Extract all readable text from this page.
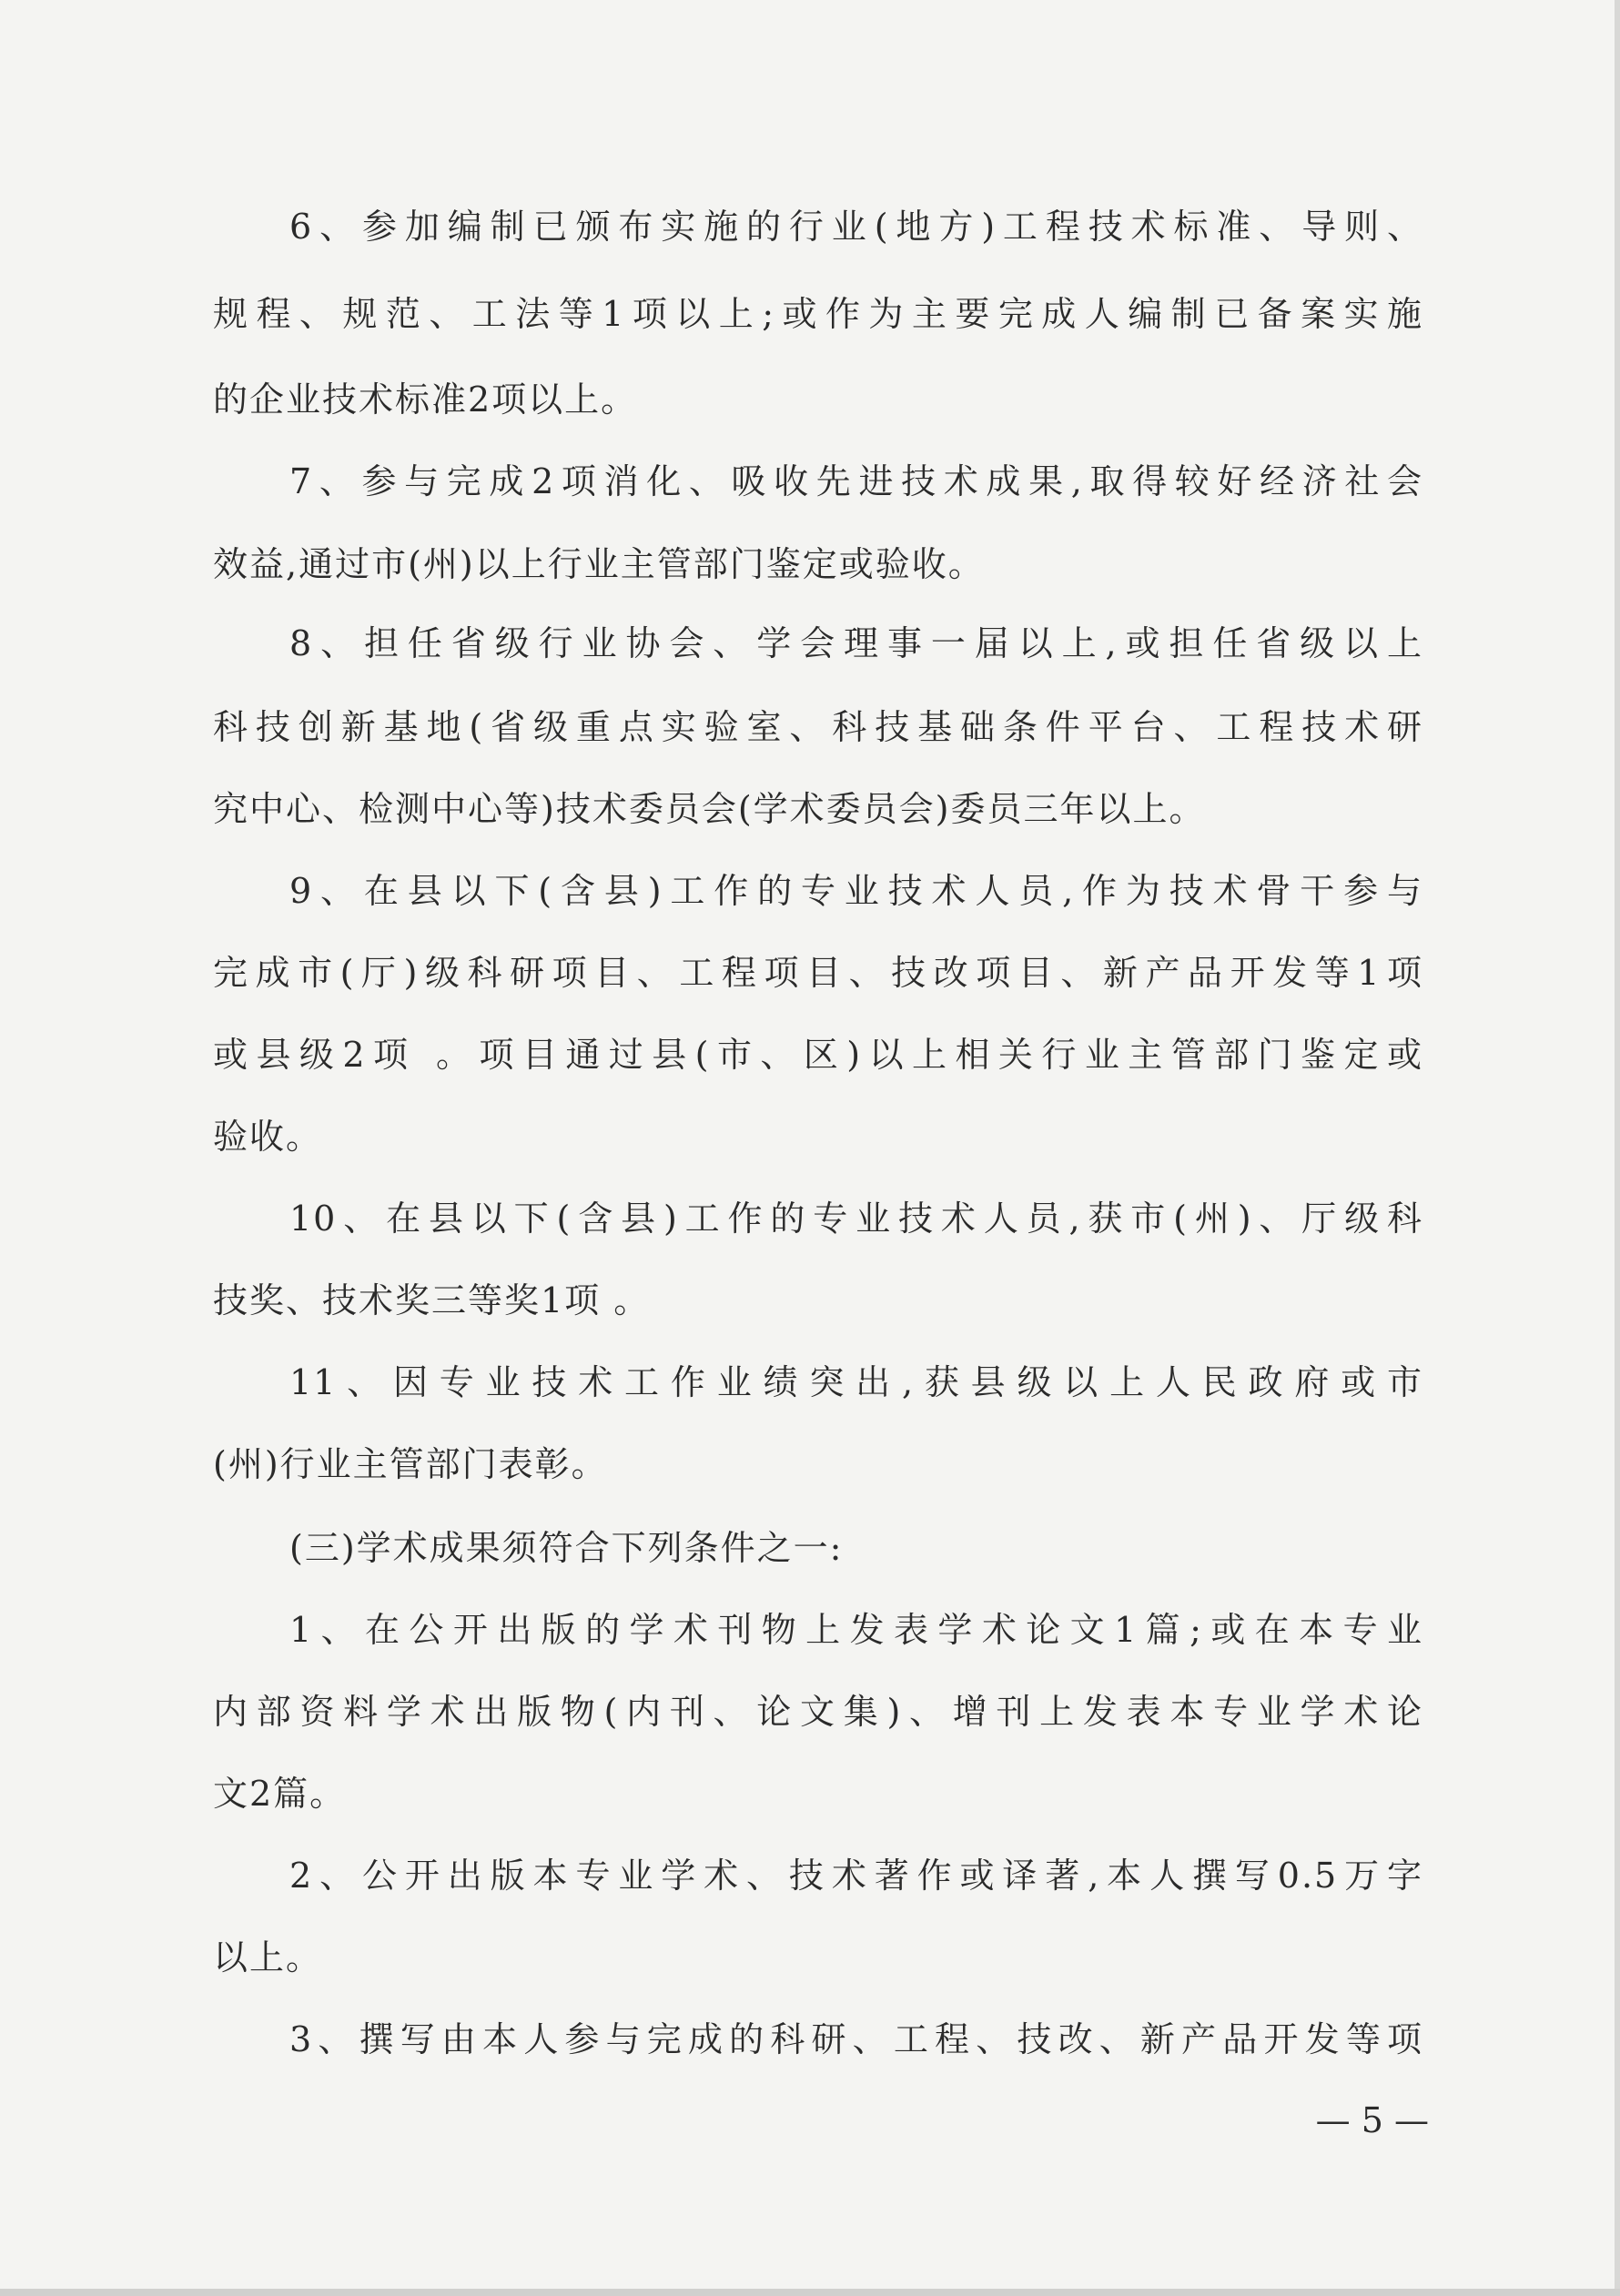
6、参加编制已颁布实施的行业(地方)工程技术标准、导则、
规程、规范、工法等1项以上;或作为主要完成人编制已备案实施
的企业技术标准2项以上。
7、参与完成2项消化、吸收先进技术成果,取得较好经济社会
效益,通过市(州)以上行业主管部门鉴定或验收。
8、担任省级行业协会、学会理事一届以上,或担任省级以上
科技创新基地(省级重点实验室、科技基础条件平台、工程技术研
究中心、检测中心等)技术委员会(学术委员会)委员三年以上。
9、在县以下(含县)工作的专业技术人员,作为技术骨干参与
完成市(厅)级科研项目、工程项目、技改项目、新产品开发等1项
或县级2项 。项目通过县(市、区)以上相关行业主管部门鉴定或
验收。
10、在县以下(含县)工作的专业技术人员,获市(州)、厅级科
技奖、技术奖三等奖1项 。
11、因专业技术工作业绩突出,获县级以上人民政府或市
(州)行业主管部门表彰。
(三)学术成果须符合下列条件之一:
1、在公开出版的学术刊物上发表学术论文1篇;或在本专业
内部资料学术出版物(内刊、论文集)、增刊上发表本专业学术论
文2篇。
2、公开出版本专业学术、技术著作或译著,本人撰写0.5万字
以上。
3、撰写由本人参与完成的科研、工程、技改、新产品开发等项
— 5 —
